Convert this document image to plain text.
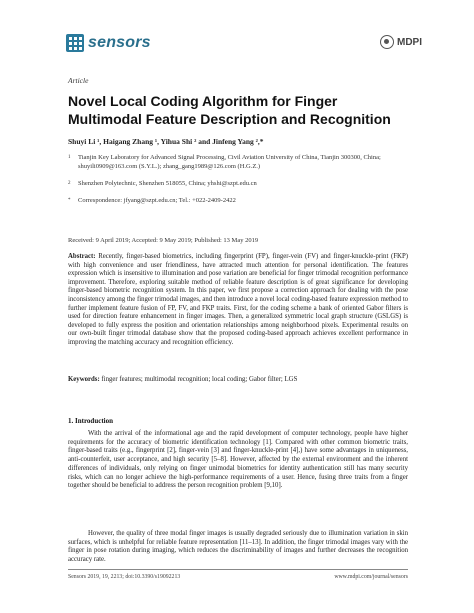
sensors	MDPI
Article
Novel Local Coding Algorithm for Finger Multimodal Feature Description and Recognition
Shuyi Li ¹, Haigang Zhang ¹, Yihua Shi ² and Jinfeng Yang ²,*
1 Tianjin Key Laboratory for Advanced Signal Processing, Civil Aviation University of China, Tianjin 300300, China; shuyili0909@163.com (S.Y.L.); zhang_gang1989@126.com (H.G.Z.)
2 Shenzhen Polytechnic, Shenzhen 518055, China; yhshi@szpt.edu.cn
* Correspondence: jfyang@szpt.edu.cn; Tel.: +022-2409-2422
Received: 9 April 2019; Accepted: 9 May 2019; Published: 13 May 2019

Abstract: Recently, finger-based biometrics, including fingerprint (FP), finger-vein (FV) and finger-knuckle-print (FKP) with high convenience and user friendliness, have attracted much attention for personal identification. The features expression which is insensitive to illumination and pose variation are beneficial for finger trimodal recognition performance improvement. Therefore, exploring suitable method of reliable feature description is of great significance for developing finger-based biometric recognition system. In this paper, we first propose a correction approach for dealing with the pose inconsistency among the finger trimodal images, and then introduce a novel local coding-based feature expression method to further implement feature fusion of FP, FV, and FKP traits. First, for the coding scheme a bank of oriented Gabor filters is used for direction feature enhancement in finger images. Then, a generalized symmetric local graph structure (GSLGS) is developed to fully express the position and orientation relationships among neighborhood pixels. Experimental results on our own-built finger trimodal database show that the proposed coding-based approach achieves excellent performance in improving the matching accuracy and recognition efficiency.

Keywords: finger features; multimodal recognition; local coding; Gabor filter; LGS
1. Introduction

With the arrival of the informational age and the rapid development of computer technology, people have higher requirements for the accuracy of biometric identification technology [1]. Compared with other common biometric traits, finger-based traits (e.g., fingerprint [2], finger-vein [3] and finger-knuckle-print [4],) have some advantages in uniqueness, anti-counterfeit, user acceptance, and high security [5–8]. However, affected by the external environment and the inherent differences of individuals, only relying on finger unimodal biometrics for identity authentication still has many security risks, which can no longer achieve the high-performance requirements of a user. Hence, fusing three traits from a finger together should be beneficial to address the person recognition problem [9,10].

However, the quality of three modal finger images is usually degraded seriously due to illumination variation in skin surfaces, which is unhelpful for reliable feature representation [11–13]. In addition, the finger trimodal images vary with the finger in pose rotation during imaging, which reduces the discriminability of images and further decreases the recognition accuracy rate.

Sensors 2019, 19, 2213; doi:10.3390/s19092213	www.mdpi.com/journal/sensors
